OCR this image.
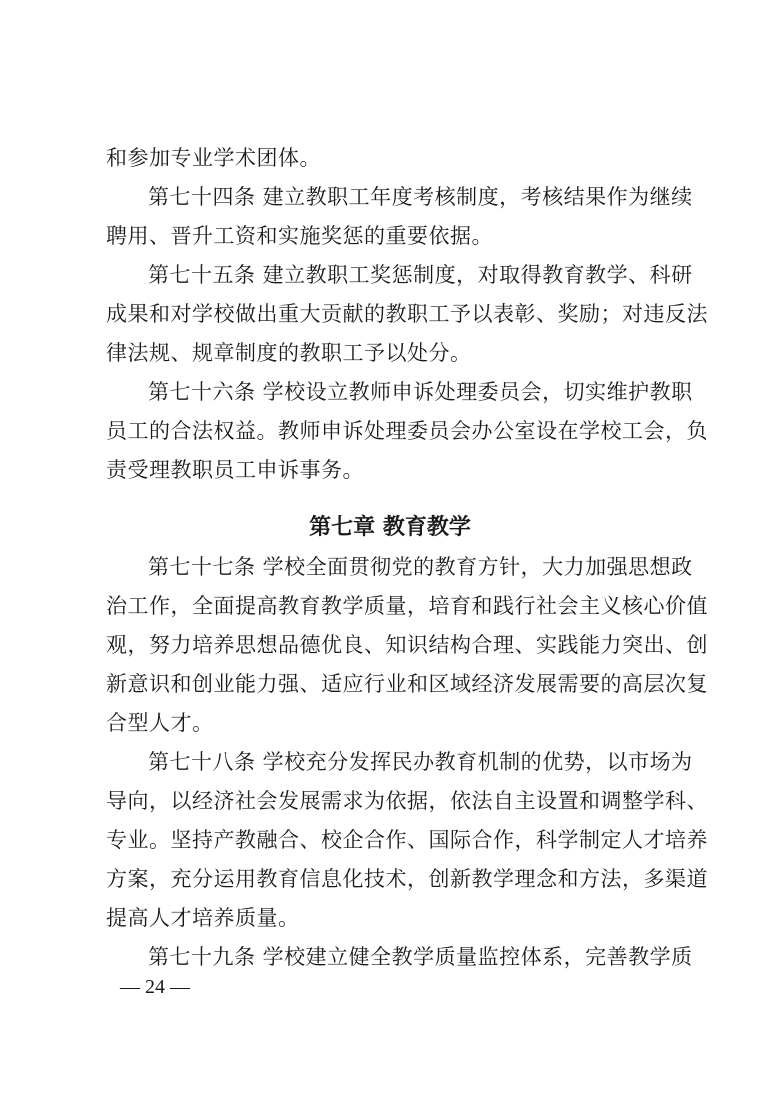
和参加专业学术团体。
第七十四条 建立教职工年度考核制度，考核结果作为继续
聘用、晋升工资和实施奖惩的重要依据。
第七十五条 建立教职工奖惩制度，对取得教育教学、科研
成果和对学校做出重大贡献的教职工予以表彰、奖励；对违反法
律法规、规章制度的教职工予以处分。
第七十六条 学校设立教师申诉处理委员会，切实维护教职
员工的合法权益。教师申诉处理委员会办公室设在学校工会，负
责受理教职员工申诉事务。
第七章 教育教学
第七十七条 学校全面贯彻党的教育方针，大力加强思想政
治工作，全面提高教育教学质量，培育和践行社会主义核心价值
观，努力培养思想品德优良、知识结构合理、实践能力突出、创
新意识和创业能力强、适应行业和区域经济发展需要的高层次复
合型人才。
第七十八条 学校充分发挥民办教育机制的优势，以市场为
导向，以经济社会发展需求为依据，依法自主设置和调整学科、
专业。坚持产教融合、校企合作、国际合作，科学制定人才培养
方案，充分运用教育信息化技术，创新教学理念和方法，多渠道
提高人才培养质量。
第七十九条 学校建立健全教学质量监控体系，完善教学质
— 24 —
